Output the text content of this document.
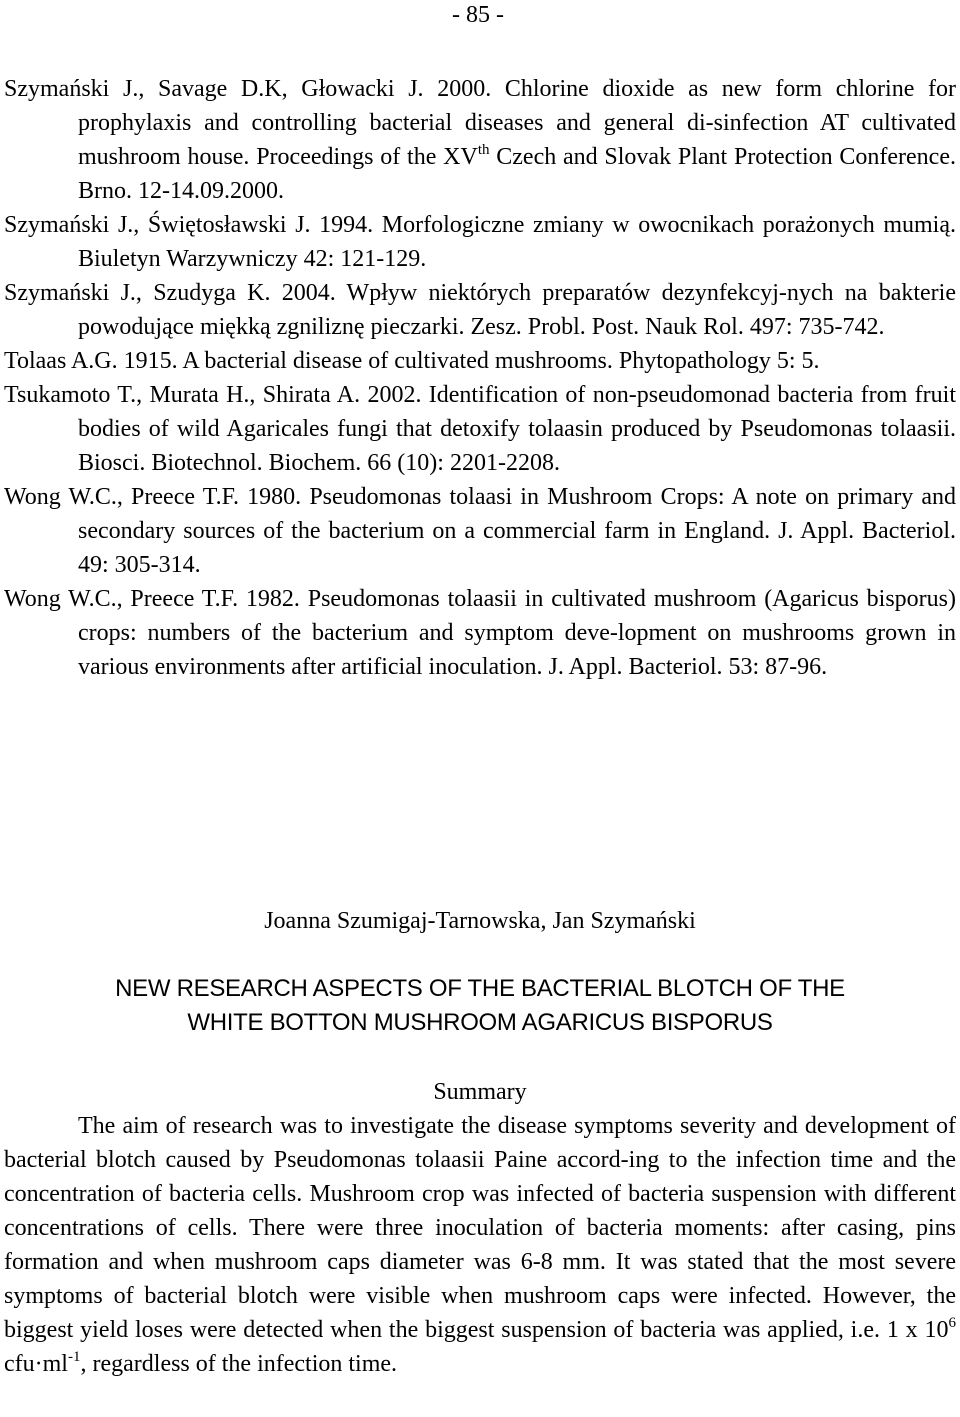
- 85 -
Szymański J., Savage D.K, Głowacki J. 2000. Chlorine dioxide as new form chlorine for prophylaxis and controlling bacterial diseases and general di-sinfection AT cultivated mushroom house. Proceedings of the XVth Czech and Slovak Plant Protection Conference. Brno. 12-14.09.2000.
Szymański J., Świętosławski J. 1994. Morfologiczne zmiany w owocnikach porażonych mumią. Biuletyn Warzywniczy 42: 121-129.
Szymański J., Szudyga K. 2004. Wpływ niektórych preparatów dezynfekcyj-nych na bakterie powodujące miękką zgniliznę pieczarki. Zesz. Probl. Post. Nauk Rol. 497: 735-742.
Tolaas A.G. 1915. A bacterial disease of cultivated mushrooms. Phytopathology 5: 5.
Tsukamoto T., Murata H., Shirata A. 2002. Identification of non-pseudomonad bacteria from fruit bodies of wild Agaricales fungi that detoxify tolaasin produced by Pseudomonas tolaasii. Biosci. Biotechnol. Biochem. 66 (10): 2201-2208.
Wong W.C., Preece T.F. 1980. Pseudomonas tolaasi in Mushroom Crops: A note on primary and secondary sources of the bacterium on a commercial farm in England. J. Appl. Bacteriol. 49: 305-314.
Wong W.C., Preece T.F. 1982. Pseudomonas tolaasii in cultivated mushroom (Agaricus bisporus) crops: numbers of the bacterium and symptom deve-lopment on mushrooms grown in various environments after artificial inoculation. J. Appl. Bacteriol. 53: 87-96.
Joanna Szumigaj-Tarnowska, Jan Szymański
NEW RESEARCH ASPECTS OF THE BACTERIAL BLOTCH OF THE
WHITE BOTTON MUSHROOM AGARICUS BISPORUS
Summary
The aim of research was to investigate the disease symptoms severity and development of bacterial blotch caused by Pseudomonas tolaasii Paine accord-ing to the infection time and the concentration of bacteria cells. Mushroom crop was infected of bacteria suspension with different concentrations of cells. There were three inoculation of bacteria moments: after casing, pins formation and when mushroom caps diameter was 6-8 mm. It was stated that the most severe symptoms of bacterial blotch were visible when mushroom caps were infected. However, the biggest yield loses were detected when the biggest suspension of bacteria was applied, i.e. 1 x $10^6$ $cfu\cdot ml^{-1}$, regardless of the infection time.
